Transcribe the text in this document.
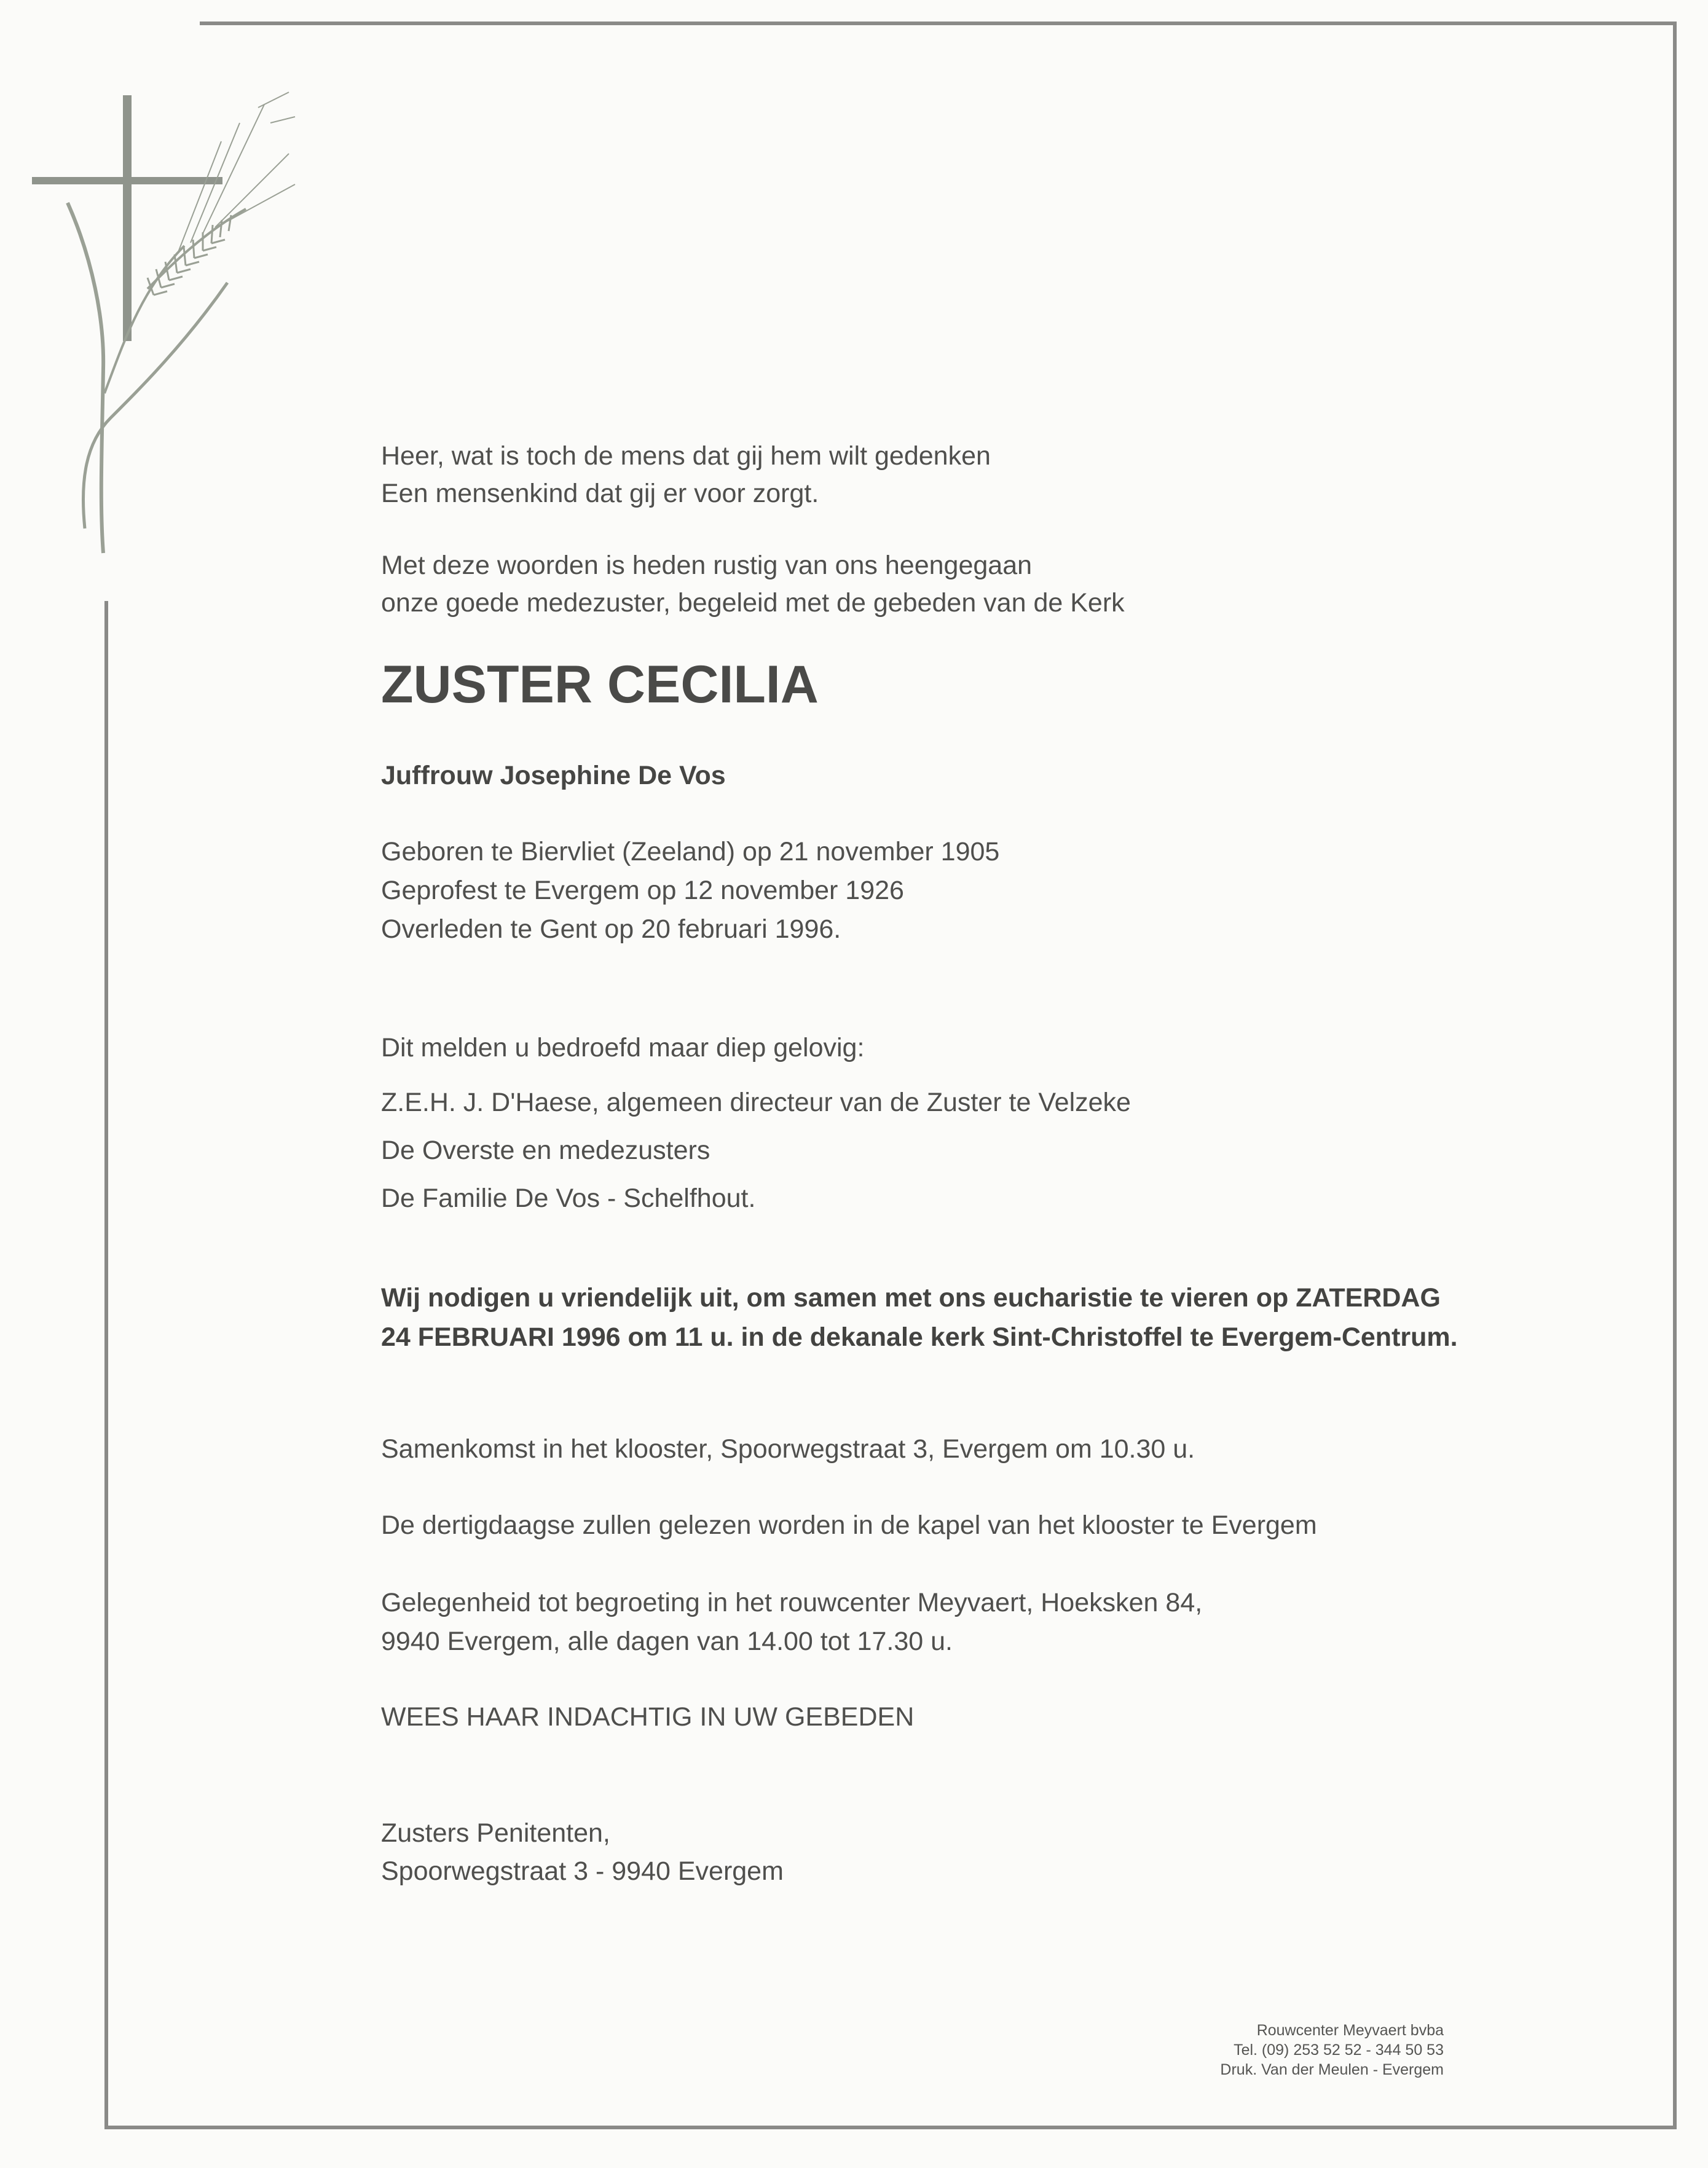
Heer, wat is toch de mens dat gij hem wilt gedenken
Een mensenkind dat gij er voor zorgt.
Met deze woorden is heden rustig van ons heengegaan
onze goede medezuster, begeleid met de gebeden van de Kerk
ZUSTER CECILIA
Juffrouw Josephine De Vos
Geboren te Biervliet (Zeeland) op 21 november 1905
Geprofest te Evergem op 12 november 1926
Overleden te Gent op 20 februari 1996.
Dit melden u bedroefd maar diep gelovig:
Z.E.H. J. D'Haese, algemeen directeur van de Zuster te Velzeke
De Overste en medezusters
De Familie De Vos - Schelfhout.
Wij nodigen u vriendelijk uit, om samen met ons eucharistie te vieren op ZATERDAG 24 FEBRUARI 1996 om 11 u. in de dekanale kerk Sint-Christoffel te Evergem-Centrum.
Samenkomst in het klooster, Spoorwegstraat 3, Evergem om 10.30 u.
De dertigdaagse zullen gelezen worden in de kapel van het klooster te Evergem
Gelegenheid tot begroeting in het rouwcenter Meyvaert, Hoeksken 84,
9940 Evergem, alle dagen van 14.00 tot 17.30 u.
WEES HAAR INDACHTIG IN UW GEBEDEN
Zusters Penitenten,
Spoorwegstraat 3 - 9940 Evergem
Rouwcenter Meyvaert bvba
Tel. (09) 253 52 52 - 344 50 53
Druk. Van der Meulen - Evergem
